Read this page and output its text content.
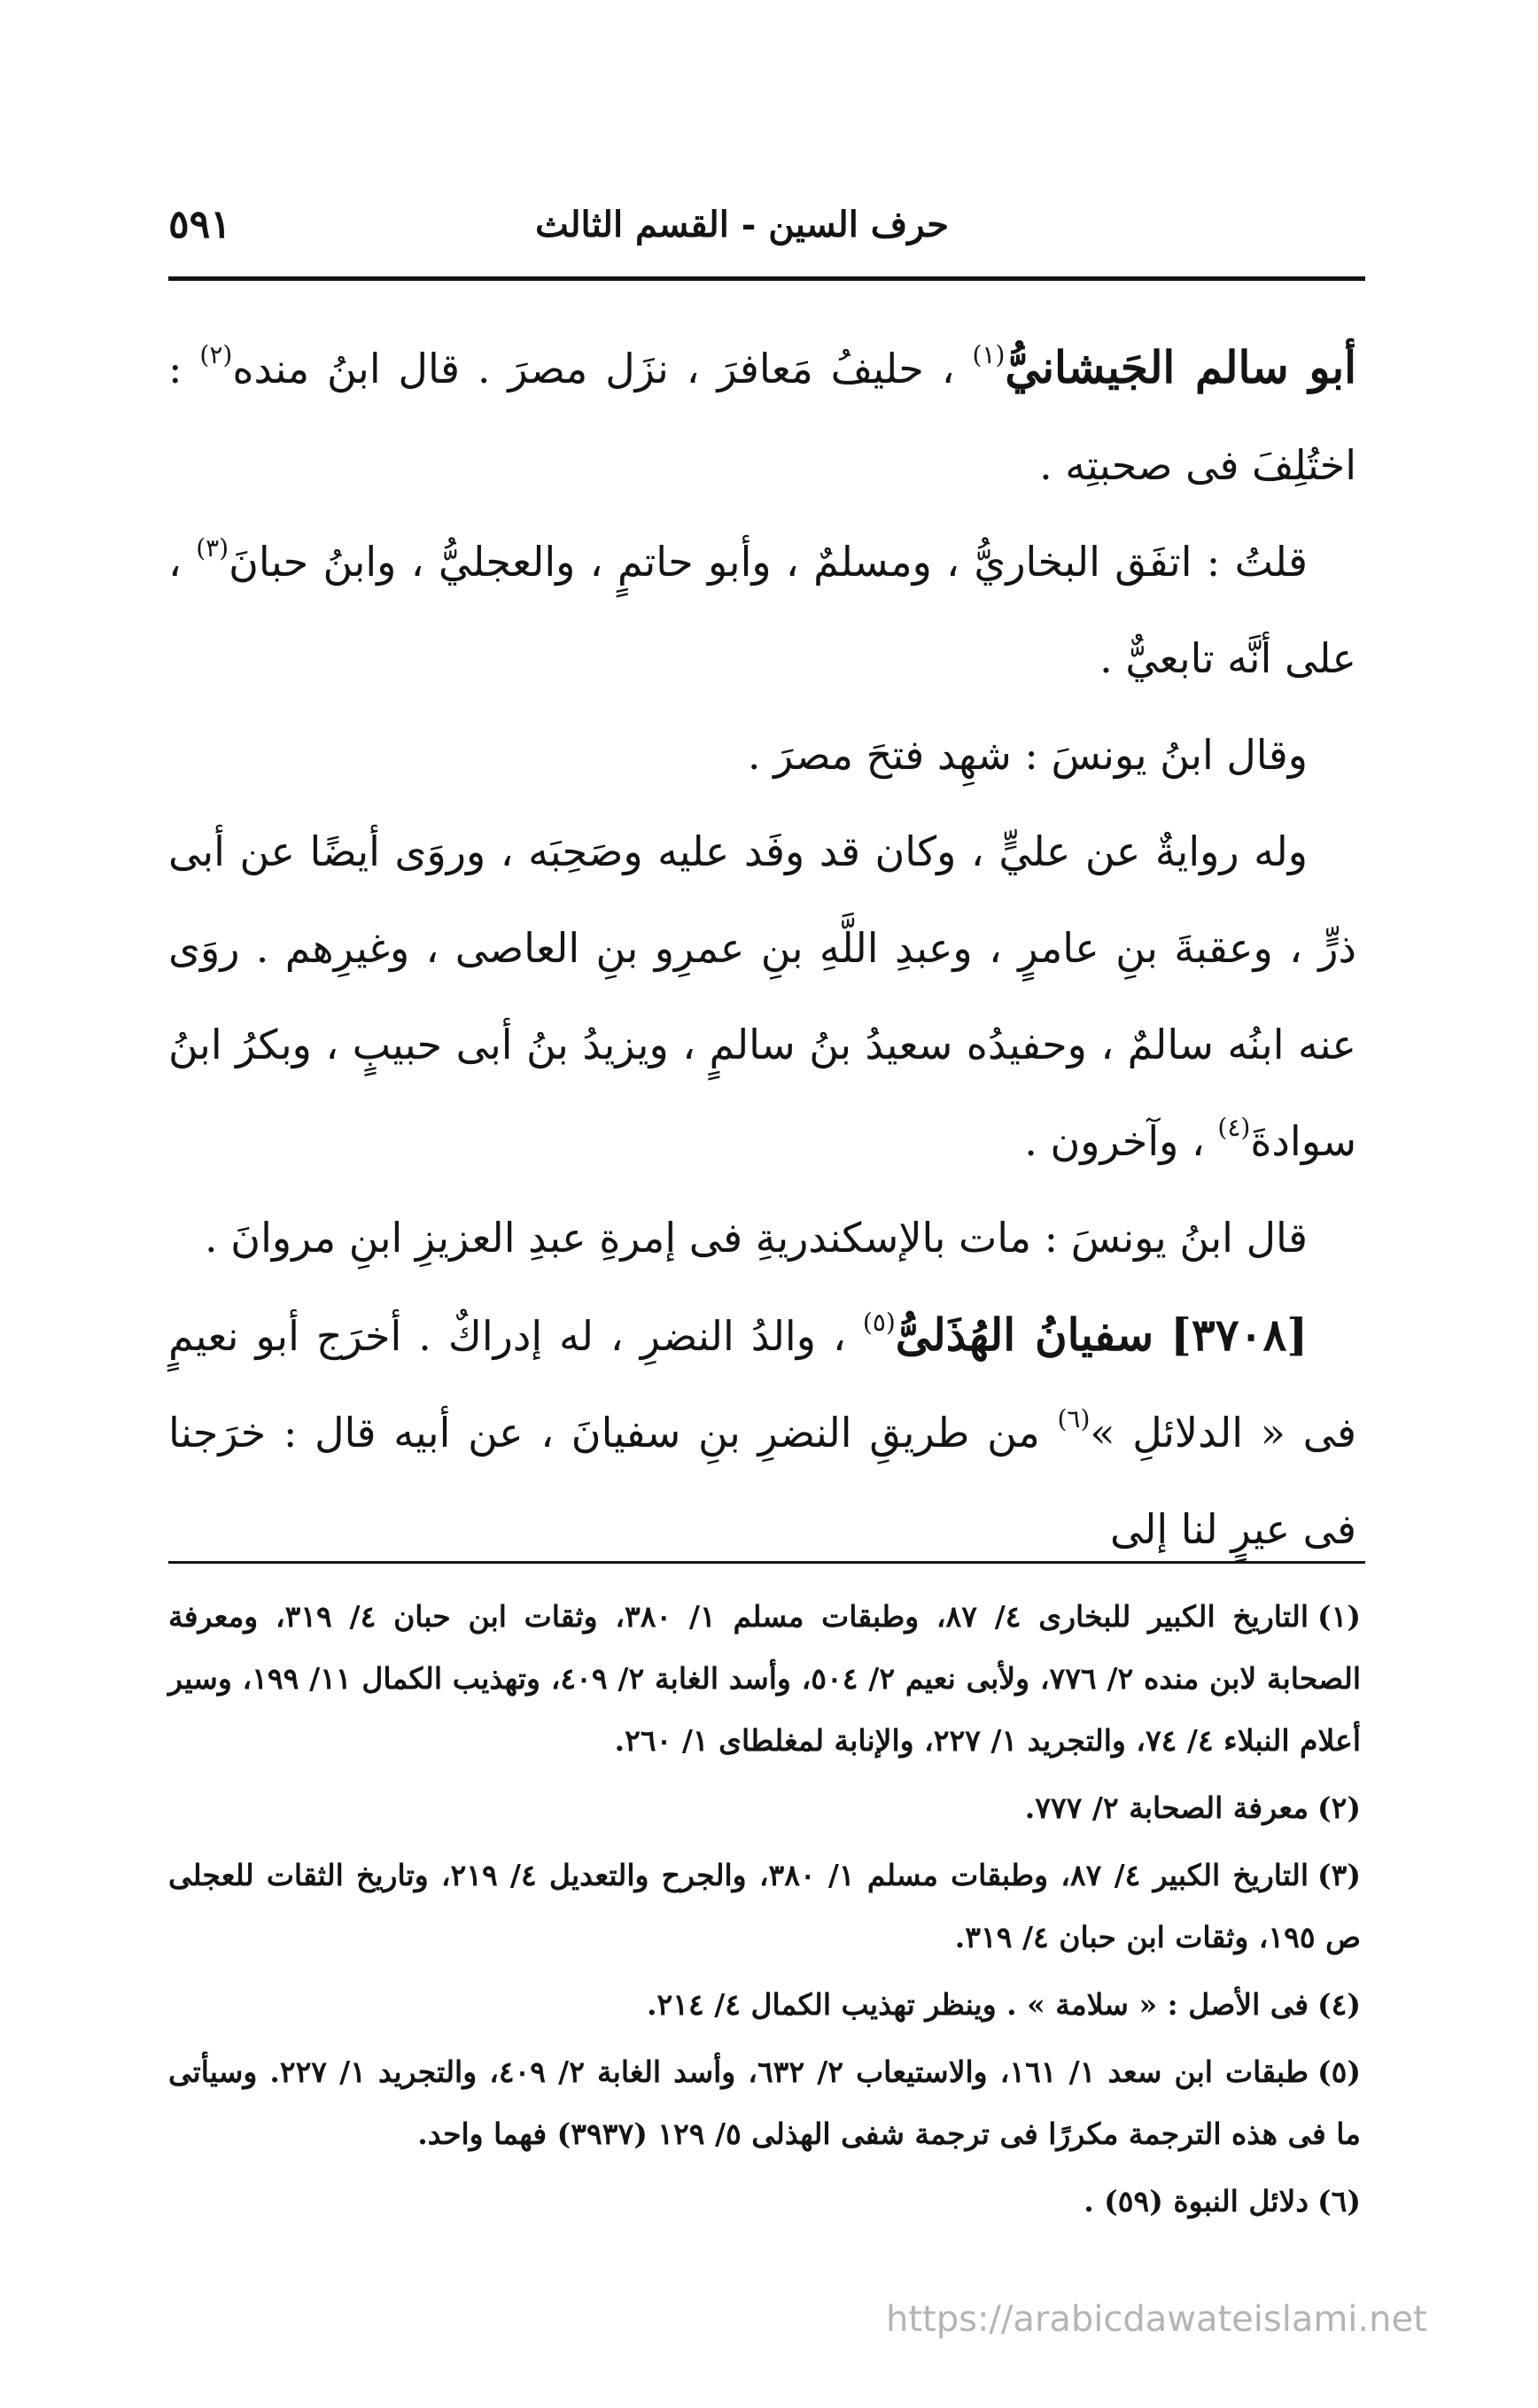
حرف السين - القسم الثالث
٥٩١

أبو سالم الجَيشانيُّ$^{(١)}$ ، حليفُ مَعافرَ ، نزَل مصرَ . قال ابنُ منده$^{(٢)}$ : اختُلِفَ فى صحبتِه .

قلتُ : اتفَق البخاريُّ ، ومسلمٌ ، وأبو حاتمٍ ، والعجليُّ ، وابنُ حبانَ$^{(٣)}$ ، على أنَّه تابعيٌّ .

وقال ابنُ يونسَ : شهِد فتحَ مصرَ .

وله روايةٌ عن عليٍّ ، وكان قد وفَد عليه وصَحِبَه ، وروَى أيضًا عن أبى ذرٍّ ، وعقبةَ بنِ عامرٍ ، وعبدِ اللَّهِ بنِ عمرِو بنِ العاصى ، وغيرِهم . روَى عنه ابنُه سالمٌ ، وحفيدُه سعيدُ بنُ سالمٍ ، ويزيدُ بنُ أبى حبيبٍ ، وبكرُ ابنُ سوادةَ$^{(٤)}$ ، وآخرون .

قال ابنُ يونسَ : مات بالإسكندريةِ فى إمرةِ عبدِ العزيزِ ابنِ مروانَ .

[٣٧٠٨] سفيانُ الهُذَلىُّ$^{(٥)}$ ، والدُ النضرِ ، له إدراكٌ . أخرَج أبو نعيمٍ فى « الدلائلِ »$^{(٦)}$ من طريقِ النضرِ بنِ سفيانَ ، عن أبيه قال : خرَجنا فى عيرٍ لنا إلى

(١)التاريخ الكبير للبخارى ٤/ ٨٧، وطبقات مسلم ١/ ٣٨٠، وثقات ابن حبان ٤/ ٣١٩، ومعرفة الصحابة لابن منده ٢/ ٧٧٦، ولأبى نعيم ٢/ ٥٠٤، وأسد الغابة ٢/ ٤٠٩، وتهذيب الكمال ١١/ ١٩٩، وسير أعلام النبلاء ٤/ ٧٤، والتجريد ١/ ٢٢٧، والإنابة لمغلطاى ١/ ٢٦٠.

(٢)معرفة الصحابة ٢/ ٧٧٧.

(٣)التاريخ الكبير ٤/ ٨٧، وطبقات مسلم ١/ ٣٨٠، والجرح والتعديل ٤/ ٢١٩، وتاريخ الثقات للعجلى ص ١٩٥، وثقات ابن حبان ٤/ ٣١٩.

(٤)فى الأصل : « سلامة » . وينظر تهذيب الكمال ٤/ ٢١٤.

(٥)طبقات ابن سعد ١/ ١٦١، والاستيعاب ٢/ ٦٣٢، وأسد الغابة ٢/ ٤٠٩، والتجريد ١/ ٢٢٧. وسيأتى ما فى هذه الترجمة مكررًا فى ترجمة شفى الهذلى ٥/ ١٢٩ (٣٩٣٧) فهما واحد.

(٦)دلائل النبوة (٥٩) .

https://arabicdawateislami.net
